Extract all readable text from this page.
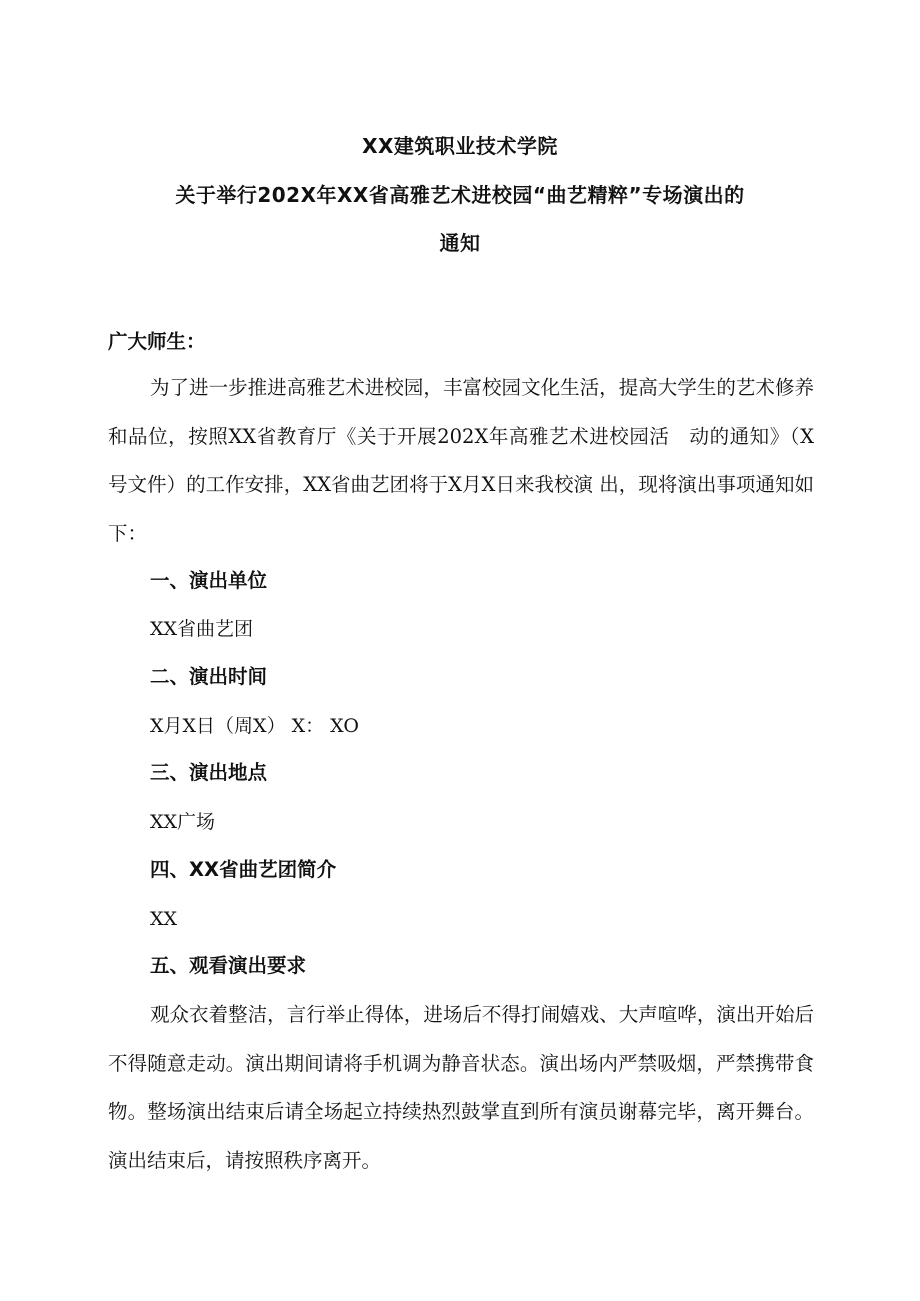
XX建筑职业技术学院
关于举行202X年XX省高雅艺术进校园“曲艺精粹”专场演出的
通知
广大师生：

为了进一步推进高雅艺术进校园，丰富校园文化生活，提高大学生的艺术修养和品位，按照XX省教育厅《关于开展202X年高雅艺术进校园活　动的通知》（X号文件）的工作安排，XX省曲艺团将于X月X日来我校演 出，现将演出事项通知如下：

一、演出单位
XX省曲艺团
二、演出时间
X月X日（周X） X： XO
三、演出地点
XX广场
四、XX省曲艺团简介
XX
五、观看演出要求

观众衣着整洁，言行举止得体，进场后不得打闹嬉戏、大声喧哗，演出开始后不得随意走动。演出期间请将手机调为静音状态。演出场内严禁吸烟，严禁携带食物。整场演出结束后请全场起立持续热烈鼓掌直到所有演员谢幕完毕，离开舞台。演出结束后，请按照秩序离开。
